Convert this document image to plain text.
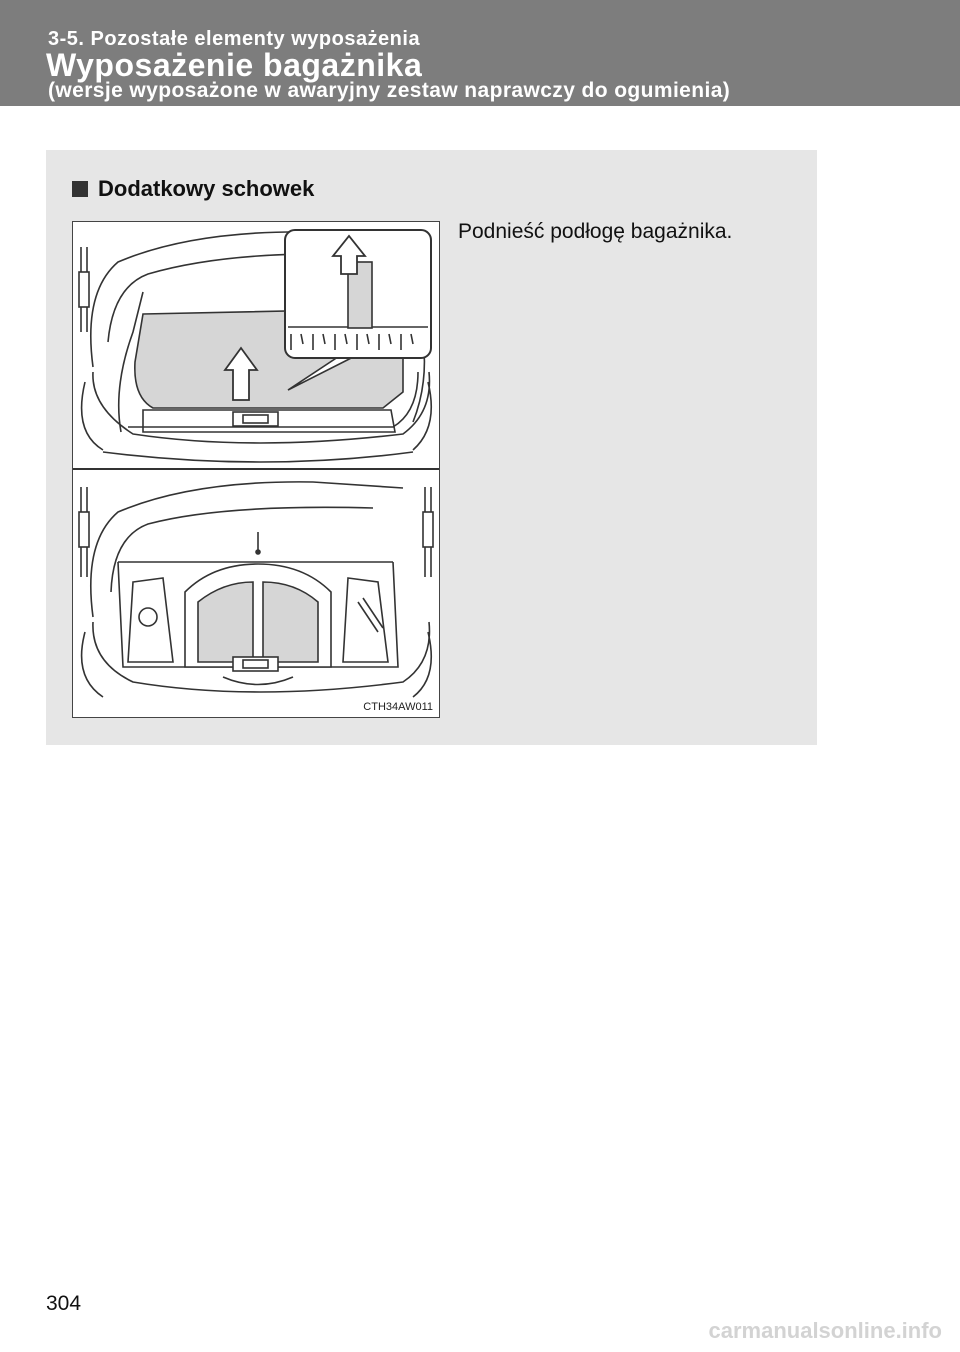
3-5. Pozostałe elementy wyposażenia
Wyposażenie bagażnika
(wersje wyposażone w awaryjny zestaw naprawczy do ogumienia)
Dodatkowy schowek
Podnieść podłogę bagażnika.
CTH34AW011
304
carmanualsonline.info
